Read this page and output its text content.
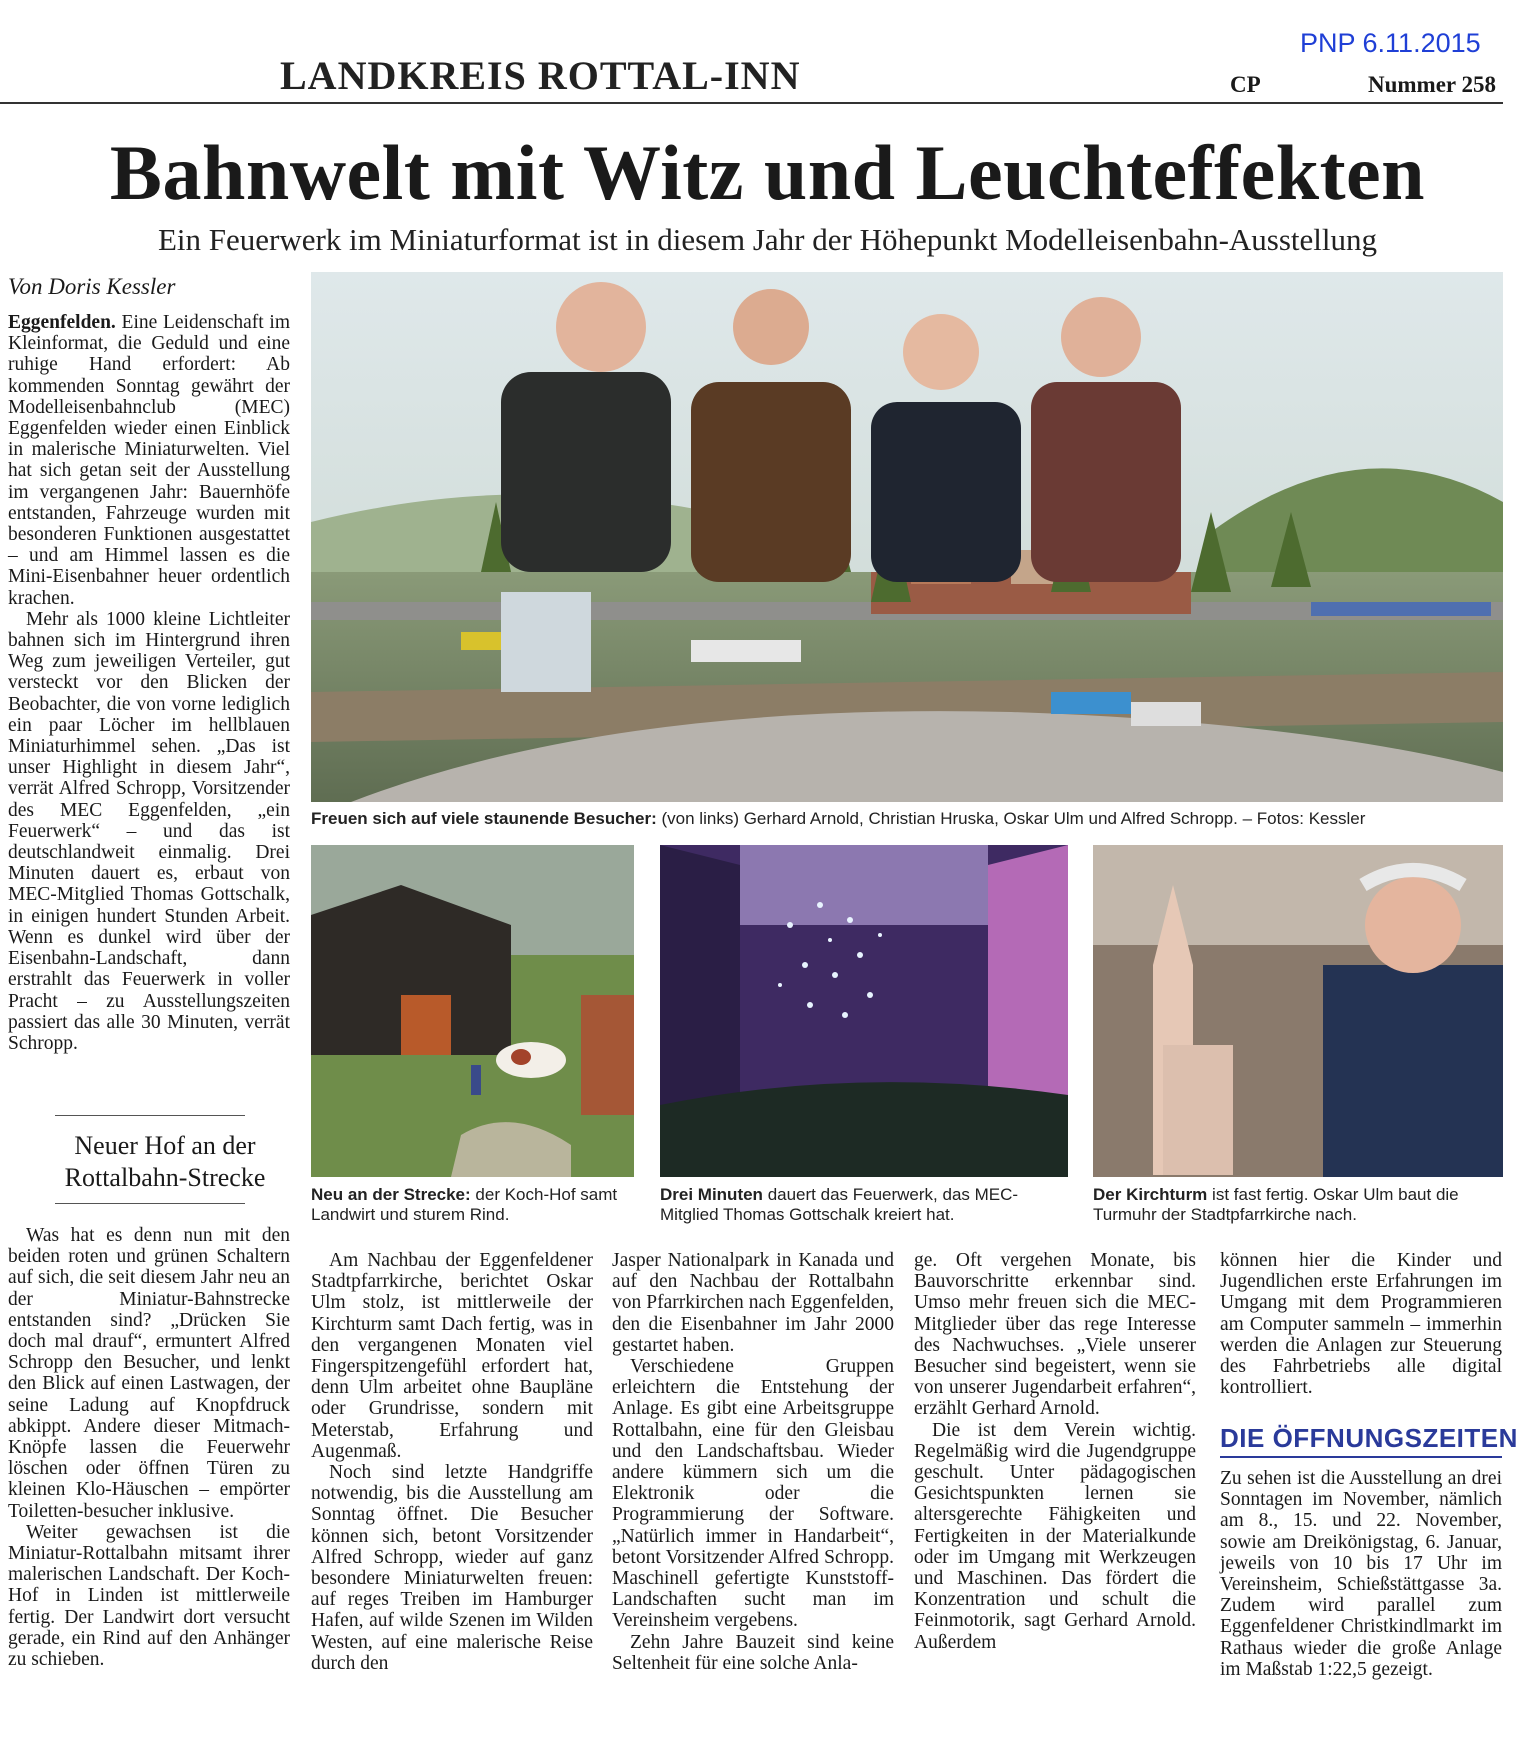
PNP 6.11.2015
LANDKREIS ROTTAL-INN	CP	Nummer 258
Bahnwelt mit Witz und Leuchteffekten
Ein Feuerwerk im Miniaturformat ist in diesem Jahr der Höhepunkt Modelleisenbahn-Ausstellung
Von Doris Kessler

Eggenfelden. Eine Leidenschaft im Kleinformat, die Geduld und eine ruhige Hand erfordert: Ab kommenden Sonntag gewährt der Modelleisenbahnclub (MEC) Eggenfelden wieder einen Einblick in malerische Miniaturwelten. Viel hat sich getan seit der Ausstellung im vergangenen Jahr: Bauernhöfe entstanden, Fahrzeuge wurden mit besonderen Funktionen ausgestattet – und am Himmel lassen es die Mini-Eisenbahner heuer ordentlich krachen.

Mehr als 1000 kleine Lichtleiter bahnen sich im Hintergrund ihren Weg zum jeweiligen Verteiler, gut versteckt vor den Blicken der Beobachter, die von vorne lediglich ein paar Löcher im hellblauen Miniaturhimmel sehen. „Das ist unser Highlight in diesem Jahr“, verrät Alfred Schropp, Vorsitzender des MEC Eggenfelden, „ein Feuerwerk“ – und das ist deutschlandweit einmalig. Drei Minuten dauert es, erbaut von MEC-Mitglied Thomas Gottschalk, in einigen hundert Stunden Arbeit. Wenn es dunkel wird über der Eisenbahn-Landschaft, dann erstrahlt das Feuerwerk in voller Pracht – zu Ausstellungszeiten passiert das alle 30 Minuten, verrät Schropp.

Neuer Hof an der Rottalbahn-Strecke

Was hat es denn nun mit den beiden roten und grünen Schaltern auf sich, die seit diesem Jahr neu an der Miniatur-Bahnstrecke entstanden sind? „Drücken Sie doch mal drauf“, ermuntert Alfred Schropp den Besucher, und lenkt den Blick auf einen Lastwagen, der seine Ladung auf Knopfdruck abkippt. Andere dieser Mitmach-Knöpfe lassen die Feuerwehr löschen oder öffnen Türen zu kleinen Klo-Häuschen – empörter Toiletten-besucher inklusive.

Weiter gewachsen ist die Miniatur-Rottalbahn mitsamt ihrer malerischen Landschaft. Der Koch-Hof in Linden ist mittlerweile fertig. Der Landwirt dort versucht gerade, ein Rind auf den Anhänger zu schieben.

Freuen sich auf viele staunende Besucher: (von links) Gerhard Arnold, Christian Hruska, Oskar Ulm und Alfred Schropp. – Fotos: Kessler
Neu an der Strecke: der Koch-Hof samt Landwirt und sturem Rind.
Drei Minuten dauert das Feuerwerk, das MEC-Mitglied Thomas Gottschalk kreiert hat.
Der Kirchturm ist fast fertig. Oskar Ulm baut die Turmuhr der Stadtpfarrkirche nach.

Am Nachbau der Eggenfeldener Stadtpfarrkirche, berichtet Oskar Ulm stolz, ist mittlerweile der Kirchturm samt Dach fertig, was in den vergangenen Monaten viel Fingerspitzengefühl erfordert hat, denn Ulm arbeitet ohne Baupläne oder Grundrisse, sondern mit Meterstab, Erfahrung und Augenmaß.

Noch sind letzte Handgriffe notwendig, bis die Ausstellung am Sonntag öffnet. Die Besucher können sich, betont Vorsitzender Alfred Schropp, wieder auf ganz besondere Miniaturwelten freuen: auf reges Treiben im Hamburger Hafen, auf wilde Szenen im Wilden Westen, auf eine malerische Reise durch den

Jasper Nationalpark in Kanada und auf den Nachbau der Rottalbahn von Pfarrkirchen nach Eggenfelden, den die Eisenbahner im Jahr 2000 gestartet haben.

Verschiedene Gruppen erleichtern die Entstehung der Anlage. Es gibt eine Arbeitsgruppe Rottalbahn, eine für den Gleisbau und den Landschaftsbau. Wieder andere kümmern sich um die Elektronik oder die Programmierung der Software. „Natürlich immer in Handarbeit“, betont Vorsitzender Alfred Schropp. Maschinell gefertigte Kunststoff-Landschaften sucht man im Vereinsheim vergebens.

Zehn Jahre Bauzeit sind keine Seltenheit für eine solche Anla-

ge. Oft vergehen Monate, bis Bauvorschritte erkennbar sind. Umso mehr freuen sich die MEC-Mitglieder über das rege Interesse des Nachwuchses. „Viele unserer Besucher sind begeistert, wenn sie von unserer Jugendarbeit erfahren“, erzählt Gerhard Arnold.

Die ist dem Verein wichtig. Regelmäßig wird die Jugendgruppe geschult. Unter pädagogischen Gesichtspunkten lernen sie altersgerechte Fähigkeiten und Fertigkeiten in der Materialkunde oder im Umgang mit Werkzeugen und Maschinen. Das fördert die Konzentration und schult die Feinmotorik, sagt Gerhard Arnold. Außerdem

können hier die Kinder und Jugendlichen erste Erfahrungen im Umgang mit dem Programmieren am Computer sammeln – immerhin werden die Anlagen zur Steuerung des Fahrbetriebs alle digital kontrolliert.

DIE ÖFFNUNGSZEITEN

Zu sehen ist die Ausstellung an drei Sonntagen im November, nämlich am 8., 15. und 22. November, sowie am Dreikönigstag, 6. Januar, jeweils von 10 bis 17 Uhr im Vereinsheim, Schießstättgasse 3a. Zudem wird parallel zum Eggenfeldener Christkindlmarkt im Rathaus wieder die große Anlage im Maßstab 1:22,5 gezeigt.
